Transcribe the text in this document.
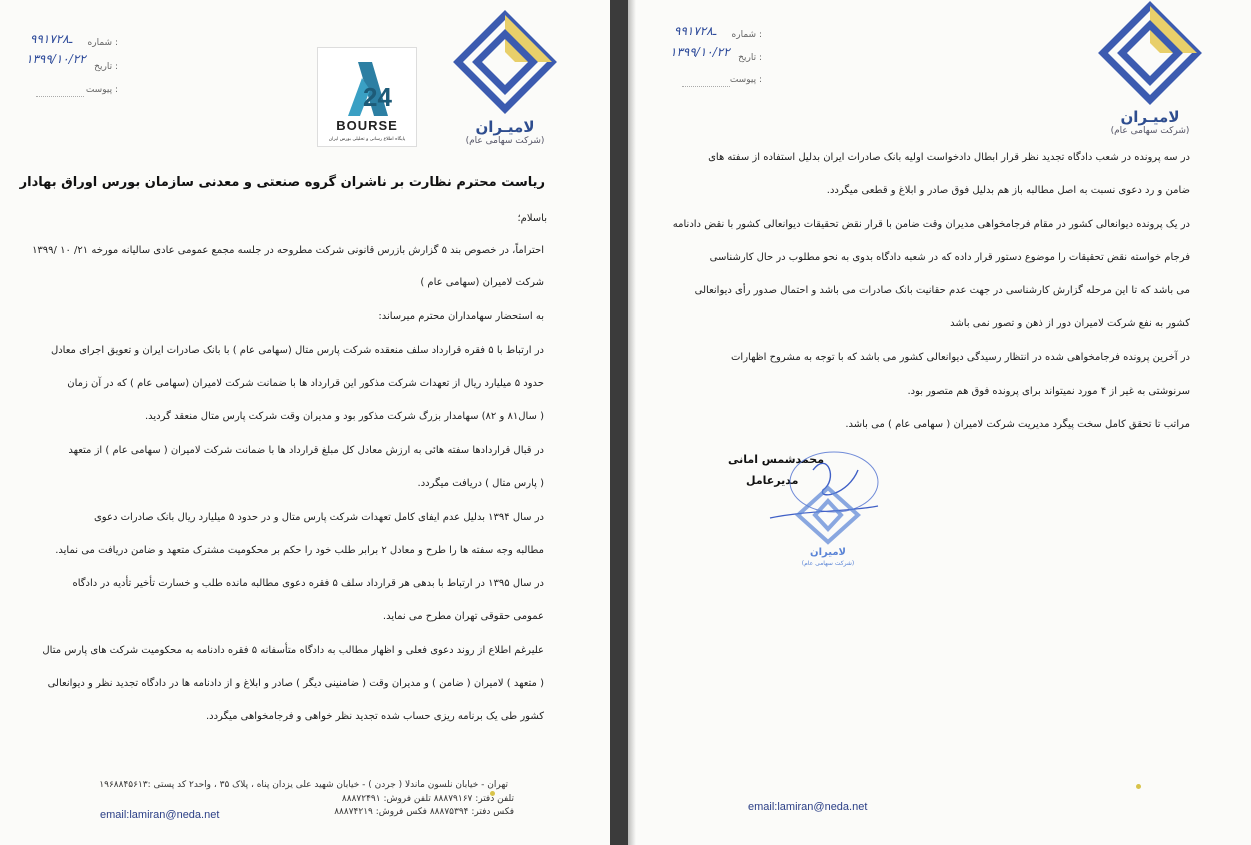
لامیـران
(شرکت سهامی عام)
شماره :
۹۹ـ۱۷۲۸
تاریخ :
۱۳۹۹/۱۰/۲۲
پیوست :	24
BOURSE
پایگاه اطلاع رسانی و تحلیلی بورس ایران
ریاست محترم نظارت بر ناشران گروه صنعتی و معدنی سازمان بورس اوراق بهادار
باسلام؛
احتراماً، در خصوص بند ۵ گزارش بازرس قانونی شرکت مطروحه در جلسه مجمع عمومی عادی سالیانه مورخه ۲۱/ ۱۰ /۱۳۹۹
شرکت لامیران (سهامی عام )
به استحضار سهامداران محترم میرساند:
در ارتباط با ۵ فقره قرارداد سلف منعقده شرکت پارس متال (سهامی عام ) با بانک صادرات ایران و تعویق اجرای معادل
حدود ۵ میلیارد ریال از تعهدات شرکت مذکور این قرارداد ها با ضمانت شرکت لامیران (سهامی عام ) که در آن زمان
( سال۸۱ و ۸۲) سهامدار بزرگ شرکت مذکور بود و مدیران وقت شرکت پارس متال منعقد گردید.
در قبال قراردادها سفته هائی به ارزش معادل کل مبلغ قرارداد ها با ضمانت شرکت لامیران ( سهامی عام ) از متعهد
( پارس متال ) دریافت میگردد.
در سال ۱۳۹۴ بدلیل عدم ایفای کامل تعهدات شرکت پارس متال و در حدود ۵ میلیارد ریال بانک صادرات دعوی
مطالبه وجه سفته ها را طرح و معادل ۲ برابر طلب خود را حکم بر محکومیت مشترک متعهد و ضامن دریافت می نماید.
در سال ۱۳۹۵ در ارتباط با بدهی هر قرارداد سلف ۵ فقره دعوی مطالبه مانده طلب و خسارت تأخیر تأدیه در دادگاه
عمومی حقوقی تهران مطرح می نماید.
علیرغم اطلاع از روند دعوی فعلی و اظهار مطالب به دادگاه متأسفانه ۵ فقره دادنامه به محکومیت شرکت های پارس متال
( متعهد ) لامیران ( ضامن ) و مدیران وقت ( ضامنینی دیگر ) صادر و ابلاغ و از دادنامه ها در دادگاه تجدید نظر و دیوانعالی
کشور طی یک برنامه ریزی حساب شده تجدید نظر خواهی و فرجامخواهی میگردد.
email:lamiran@neda.net
لامیـران
(شرکت سهامی عام)
شماره :
۹۹ـ۱۷۲۸
تاریخ :
۱۳۹۹/۱۰/۲۲
پیوست :
در سه پرونده در شعب دادگاه تجدید نظر قرار ابطال دادخواست اولیه بانک صادرات ایران بدلیل استفاده از سفته های
ضامن و رد دعوی نسبت به اصل مطالبه باز هم بدلیل فوق صادر و ابلاغ و قطعی میگردد.
در یک پرونده دیوانعالی کشور در مقام فرجامخواهی مدیران وقت ضامن با قرار نقض تحقیقات دیوانعالی کشور با نقض دادنامه
فرجام خواسته نقض تحقیقات را موضوع دستور قرار داده که در شعبه دادگاه بدوی به نحو مطلوب در حال کارشناسی
می باشد که تا این مرحله گزارش کارشناسی در جهت عدم حقانیت بانک صادرات می باشد و احتمال صدور رأی دیوانعالی
کشور به نفع شرکت لامیران دور از ذهن و تصور نمی باشد
در آخرین پرونده فرجامخواهی شده در انتظار رسیدگی دیوانعالی کشور می باشد که با توجه به مشروح اظهارات
سرنوشتی به غیر از ۴ مورد نمیتواند برای پرونده فوق هم متصور بود.
مراتب تا تحقق کامل سخت پیگرد مدیریت شرکت لامیران ( سهامی عام ) می باشد.
محمدشمس امانی
مدیرعامل
لامیران
(شرکت سهامی عام)
تهران - خیابان نلسون ماندلا ( جردن ) - خیابان شهید علی یزدان پناه ، پلاک ۳۵ ، واحد۲ کد پستی :۱۹۶۸۸۴۵۶۱۳
تلفن دفتر: ۸۸۸۷۹۱۶۷ تلفن فروش: ۸۸۸۷۲۴۹۱
فکس دفتر: ۸۸۸۷۵۳۹۴ فکس فروش: ۸۸۸۷۴۲۱۹	email:lamiran@neda.net
